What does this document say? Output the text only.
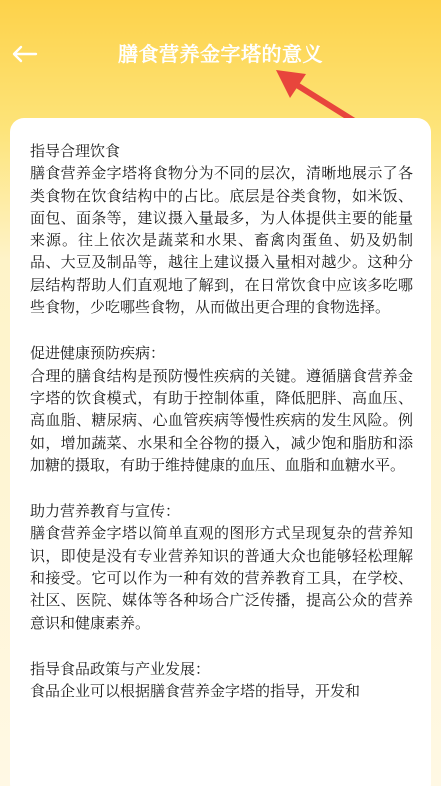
膳食营养金字塔的意义
指导合理饮食
膳食营养金字塔将食物分为不同的层次，清晰地展示了各类食物在饮食结构中的占比。底层是谷类食物，如米饭、面包、面条等，建议摄入量最多，为人体提供主要的能量来源。往上依次是蔬菜和水果、畜禽肉蛋鱼、奶及奶制品、大豆及制品等，越往上建议摄入量相对越少。这种分层结构帮助人们直观地了解到，在日常饮食中应该多吃哪些食物，少吃哪些食物，从而做出更合理的食物选择。
促进健康预防疾病：
合理的膳食结构是预防慢性疾病的关键。遵循膳食营养金字塔的饮食模式，有助于控制体重，降低肥胖、高血压、高血脂、糖尿病、心血管疾病等慢性疾病的发生风险。例如，增加蔬菜、水果和全谷物的摄入，减少饱和脂肪和添加糖的摄取，有助于维持健康的血压、血脂和血糖水平。
助力营养教育与宣传：
膳食营养金字塔以简单直观的图形方式呈现复杂的营养知识，即使是没有专业营养知识的普通大众也能够轻松理解和接受。它可以作为一种有效的营养教育工具，在学校、社区、医院、媒体等各种场合广泛传播，提高公众的营养意识和健康素养。
指导食品政策与产业发展：
食品企业可以根据膳食营养金字塔的指导，开发和
